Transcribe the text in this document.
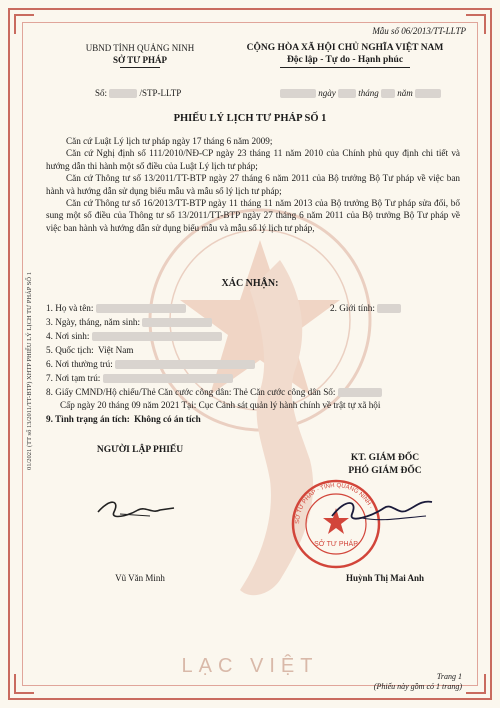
01/2021 (TT số 13/2011/TT-BTP) XHTP PHIẾU LÝ LỊCH TƯ PHÁP SỐ 1
Mẫu số 06/2013/TT-LLTP
UBND TỈNH QUẢNG NINH
SỞ TƯ PHÁP
CỘNG HÒA XÃ HỘI CHỦ NGHĨA VIỆT NAM
Độc lập - Tự do - Hạnh phúc
Số:	/STP-LLTP	ngày	tháng năm
PHIẾU LÝ LỊCH TƯ PHÁP SỐ 1

Căn cứ Luật Lý lịch tư pháp ngày 17 tháng 6 năm 2009;

Căn cứ Nghị định số 111/2010/NĐ-CP ngày 23 tháng 11 năm 2010 của Chính phủ quy định chi tiết và hướng dẫn thi hành một số điều của Luật Lý lịch tư pháp;

Căn cứ Thông tư số 13/2011/TT-BTP ngày 27 tháng 6 năm 2011 của Bộ trưởng Bộ Tư pháp về việc ban hành và hướng dẫn sử dụng biểu mẫu và mẫu sổ lý lịch tư pháp;

Căn cứ Thông tư số 16/2013/TT-BTP ngày 11 tháng 11 năm 2013 của Bộ trưởng Bộ Tư pháp sửa đổi, bổ sung một số điều của Thông tư số 13/2011/TT-BTP ngày 27 tháng 6 năm 2011 của Bộ trưởng Bộ Tư pháp về việc ban hành và hướng dẫn sử dụng biểu mẫu và mẫu sổ lý lịch tư pháp,

XÁC NHẬN:
1. Họ và tên:	2. Giới tính:
3. Ngày, tháng, năm sinh:
4. Nơi sinh:
5. Quốc tịch: Việt Nam
6. Nơi thường trú:
7. Nơi tạm trú:
8. Giấy CMND/Hộ chiếu/Thẻ Căn cước công dân: Thẻ Căn cước công dân Số:
Cấp ngày 20 tháng 09 năm 2021 Tại: Cục Cảnh sát quản lý hành chính về trật tự xã hội
9. Tình trạng án tích: Không có án tích
NGƯỜI LẬP PHIẾU
KT. GIÁM ĐỐC
PHÓ GIÁM ĐỐC
SỞ TƯ PHÁP
SỞ TƯ PHÁP · TỈNH QUẢNG NINH ·
Vũ Văn Minh	Huỳnh Thị Mai Anh
LẠC VIỆT	Trang 1
(Phiếu này gồm có 1 trang)
